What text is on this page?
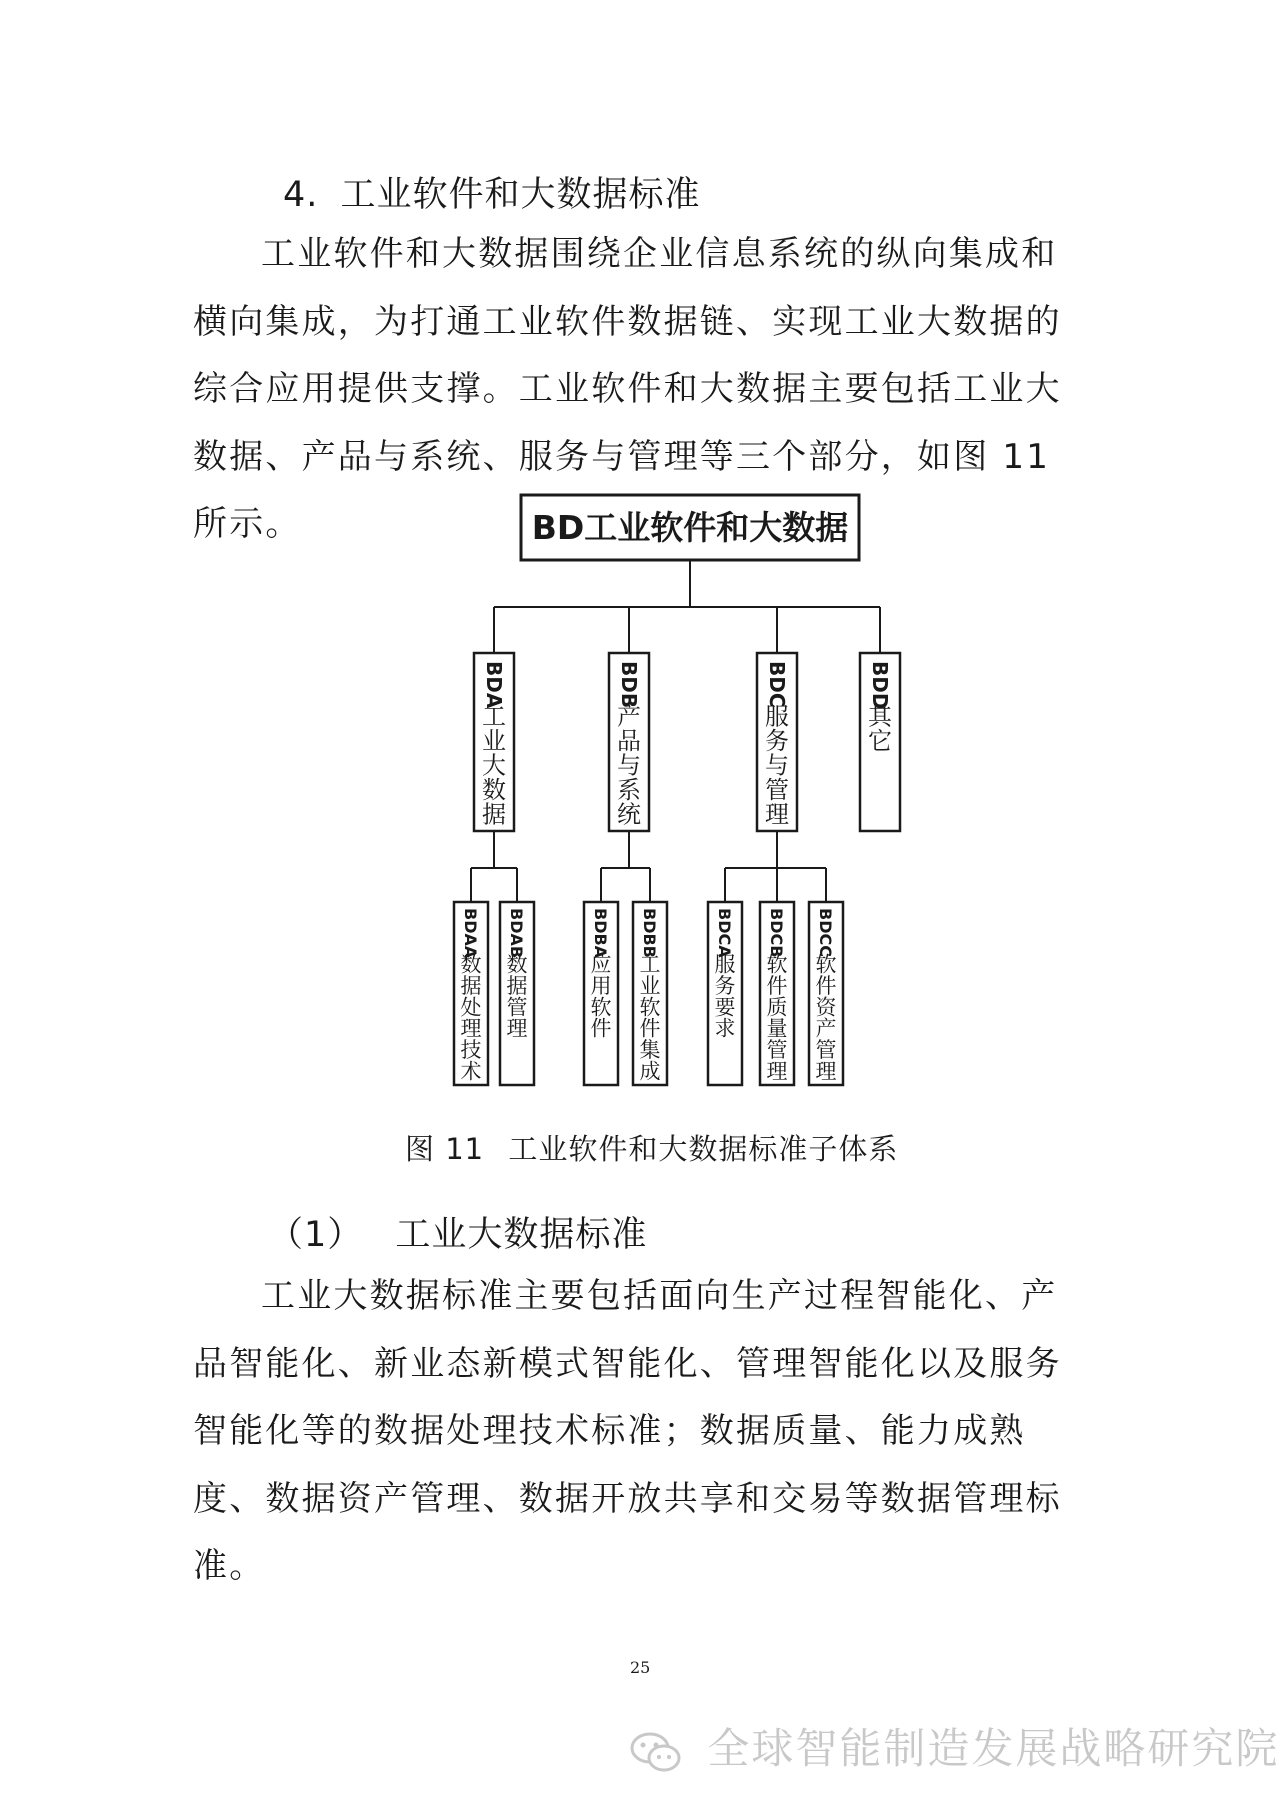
4. 工业软件和大数据标准
工业软件和大数据围绕企业信息系统的纵向集成和横向集成，为打通工业软件数据链、实现工业大数据的综合应用提供支撑。工业软件和大数据主要包括工业大数据、产品与系统、服务与管理等三个部分，如图 11 所示。	BD工业软件和大数据
BDA
工
业
大
数
据
BDB
产
品
与
系
统
BDC
服
务
与
管
理
BDD
其
它
BDAA
数
据
处
理
技
术
BDAB
数
据
管
理
BDBA
应
用
软
件
BDBB
工
业
软
件
集
成
BDCA
服
务
要
求
BDCB
软
件
质
量
管
理
BDCC
软
件
资
产
管
理
图 11 工业软件和大数据标准子体系
（1） 工业大数据标准
工业大数据标准主要包括面向生产过程智能化、产品智能化、新业态新模式智能化、管理智能化以及服务智能化等的数据处理技术标准；数据质量、能力成熟度、数据资产管理、数据开放共享和交易等数据管理标准。
25
全球智能制造发展战略研究院
